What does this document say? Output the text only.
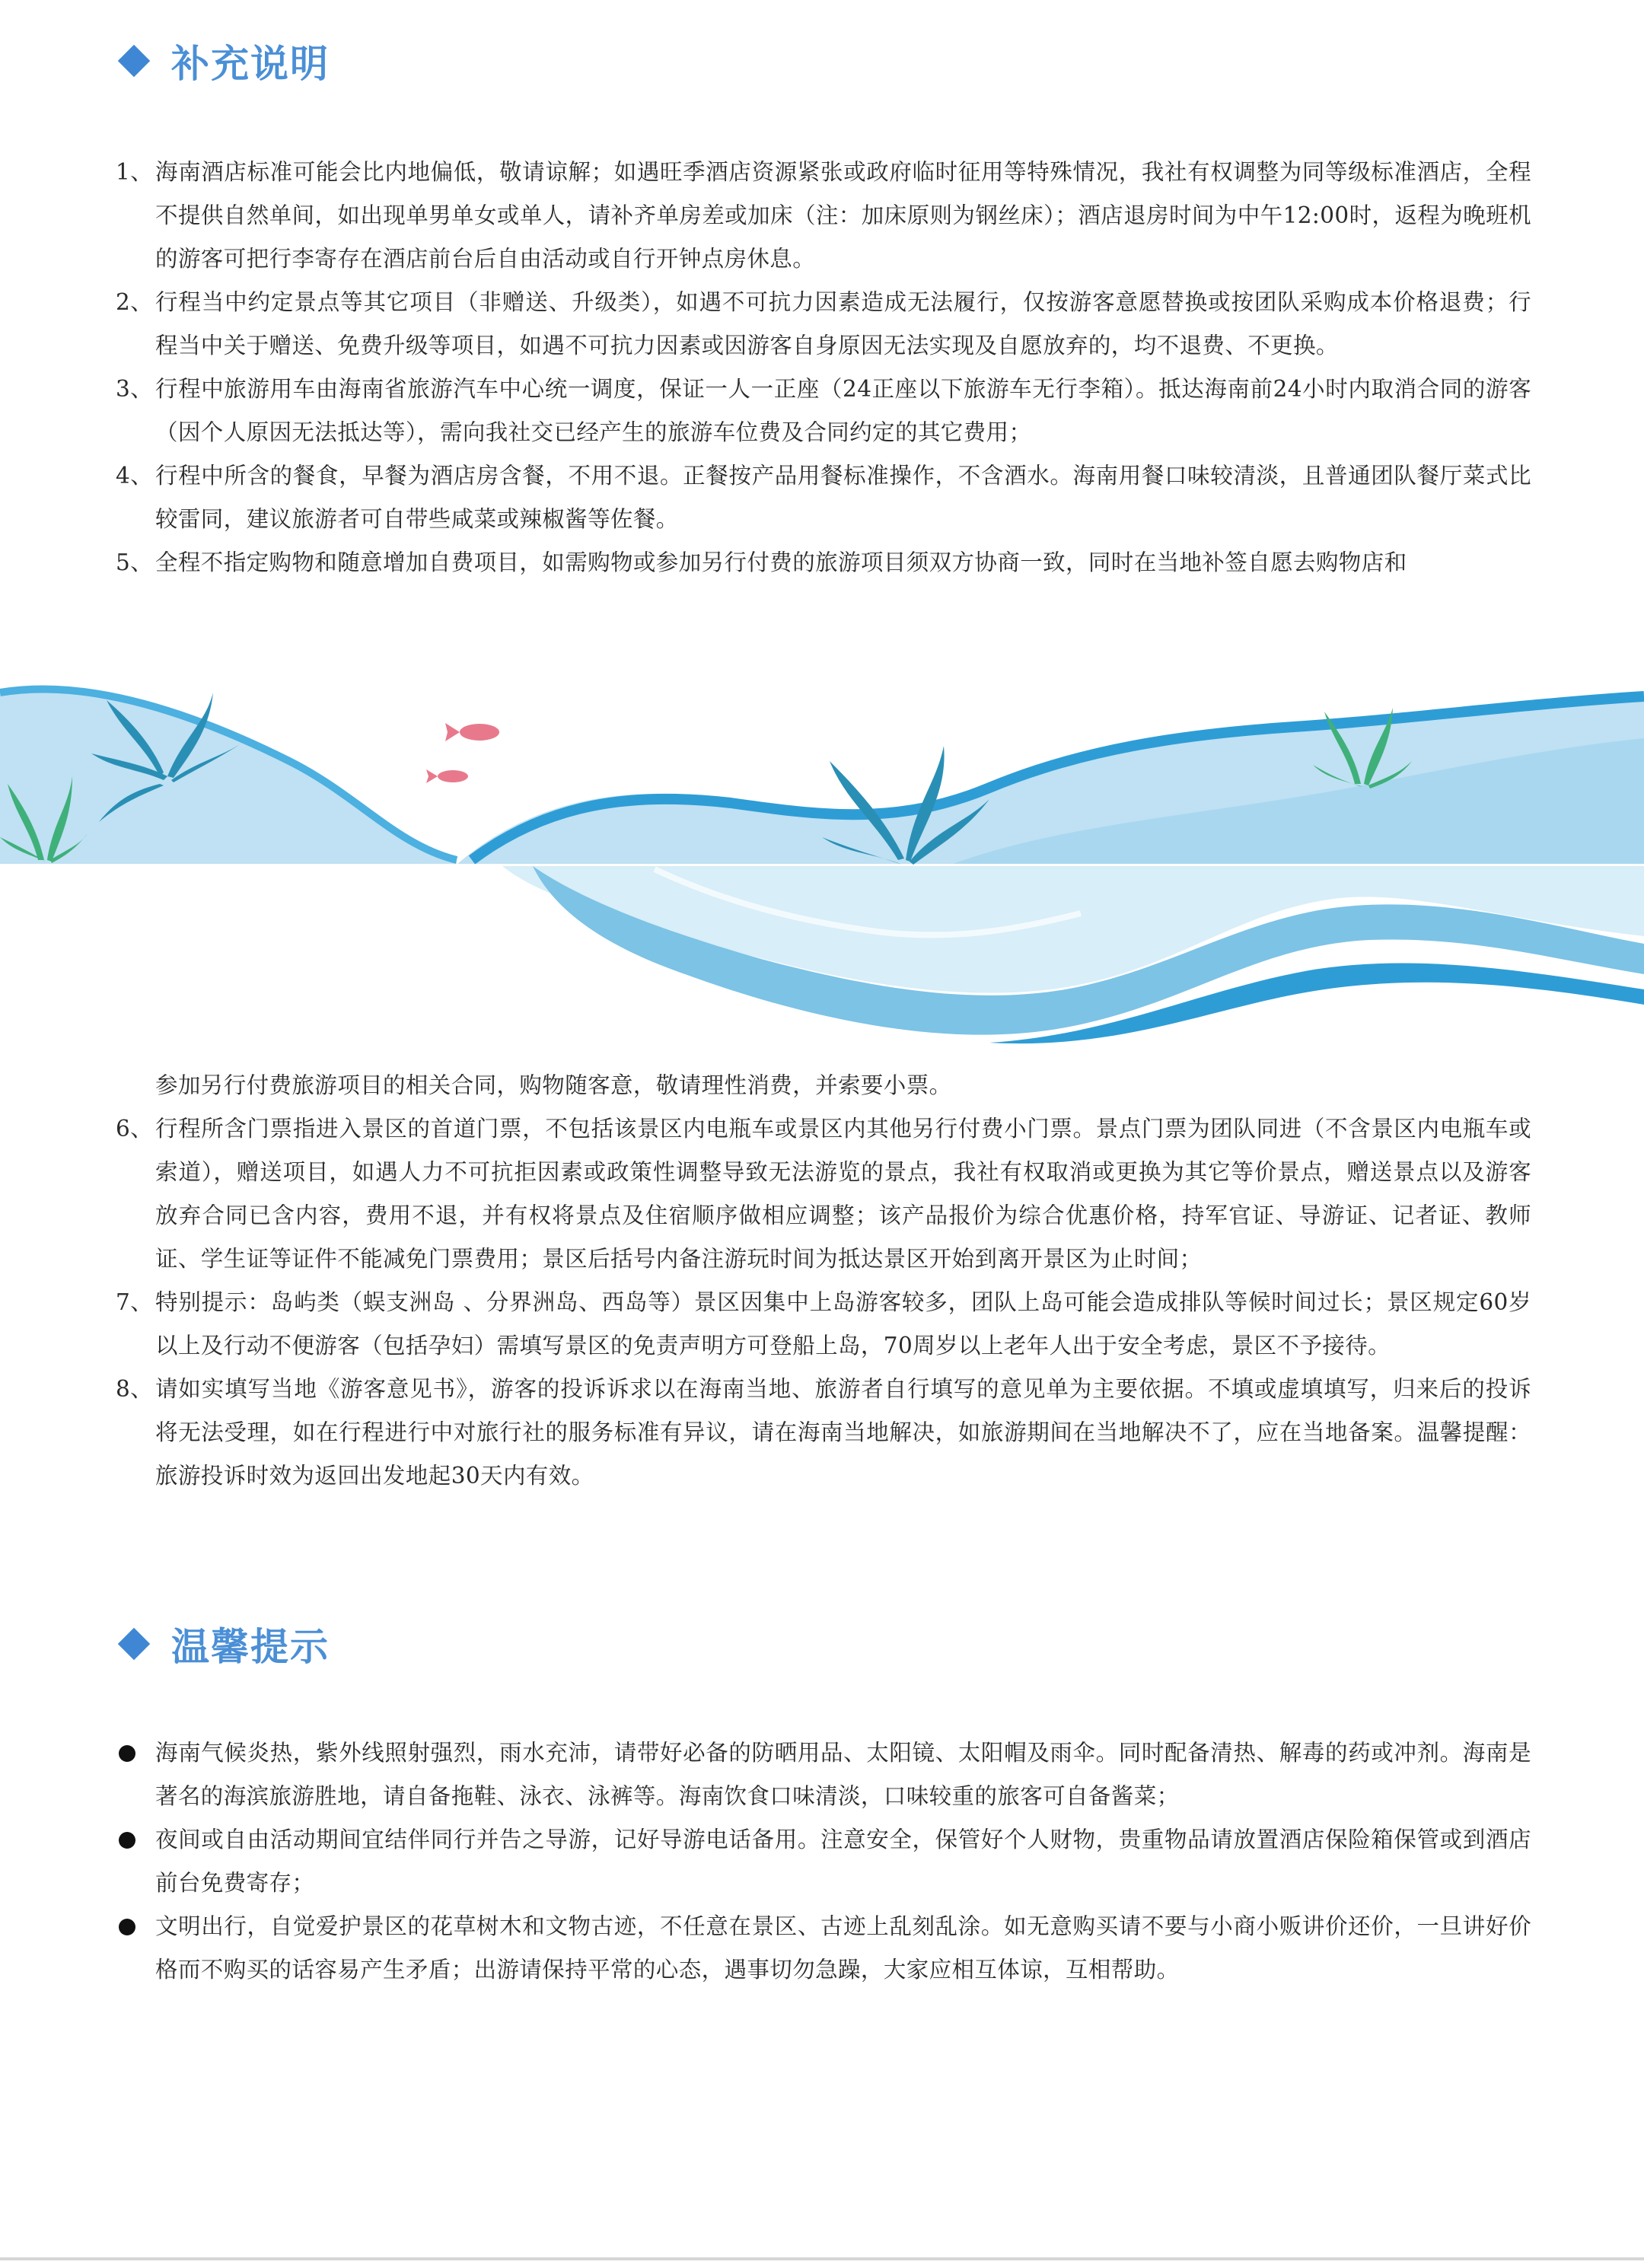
补充说明
1、 海南酒店标准可能会比内地偏低，敬请谅解；如遇旺季酒店资源紧张或政府临时征用等特殊情况，我社有权调整为同等级标准酒店，全程不提供自然单间，如出现单男单女或单人，请补齐单房差或加床（注：加床原则为钢丝床）；酒店退房时间为中午12:00时，返程为晚班机的游客可把行李寄存在酒店前台后自由活动或自行开钟点房休息。
2、 行程当中约定景点等其它项目（非赠送、升级类），如遇不可抗力因素造成无法履行，仅按游客意愿替换或按团队采购成本价格退费；行程当中关于赠送、免费升级等项目，如遇不可抗力因素或因游客自身原因无法实现及自愿放弃的，均不退费、不更换。
3、 行程中旅游用车由海南省旅游汽车中心统一调度，保证一人一正座（24正座以下旅游车无行李箱）。抵达海南前24小时内取消合同的游客（因个人原因无法抵达等），需向我社交已经产生的旅游车位费及合同约定的其它费用；
4、 行程中所含的餐食，早餐为酒店房含餐，不用不退。正餐按产品用餐标准操作，不含酒水。海南用餐口味较清淡，且普通团队餐厅菜式比较雷同，建议旅游者可自带些咸菜或辣椒酱等佐餐。
5、 全程不指定购物和随意增加自费项目，如需购物或参加另行付费的旅游项目须双方协商一致，同时在当地补签自愿去购物店和
参加另行付费旅游项目的相关合同，购物随客意，敬请理性消费，并索要小票。
6、 行程所含门票指进入景区的首道门票，不包括该景区内电瓶车或景区内其他另行付费小门票。景点门票为团队同进（不含景区内电瓶车或索道），赠送项目，如遇人力不可抗拒因素或政策性调整导致无法游览的景点，我社有权取消或更换为其它等价景点，赠送景点以及游客放弃合同已含内容，费用不退，并有权将景点及住宿顺序做相应调整；该产品报价为综合优惠价格，持军官证、导游证、记者证、教师证、学生证等证件不能减免门票费用；景区后括号内备注游玩时间为抵达景区开始到离开景区为止时间；
7、 特别提示：岛屿类（蜈支洲岛 、分界洲岛、西岛等）景区因集中上岛游客较多，团队上岛可能会造成排队等候时间过长；景区规定60岁以上及行动不便游客（包括孕妇）需填写景区的免责声明方可登船上岛，70周岁以上老年人出于安全考虑，景区不予接待。
8、 请如实填写当地《游客意见书》，游客的投诉诉求以在海南当地、旅游者自行填写的意见单为主要依据。不填或虚填填写，归来后的投诉将无法受理，如在行程进行中对旅行社的服务标准有异议，请在海南当地解决，如旅游期间在当地解决不了，应在当地备案。温馨提醒：旅游投诉时效为返回出发地起30天内有效。
温馨提示
海南气候炎热，紫外线照射强烈，雨水充沛，请带好必备的防晒用品、太阳镜、太阳帽及雨伞。同时配备清热、解毒的药或冲剂。海南是著名的海滨旅游胜地，请自备拖鞋、泳衣、泳裤等。海南饮食口味清淡，口味较重的旅客可自备酱菜；
夜间或自由活动期间宜结伴同行并告之导游，记好导游电话备用。注意安全，保管好个人财物，贵重物品请放置酒店保险箱保管或到酒店前台免费寄存；
文明出行，自觉爱护景区的花草树木和文物古迹，不任意在景区、古迹上乱刻乱涂。如无意购买请不要与小商小贩讲价还价，一旦讲好价格而不购买的话容易产生矛盾；出游请保持平常的心态，遇事切勿急躁，大家应相互体谅，互相帮助。
